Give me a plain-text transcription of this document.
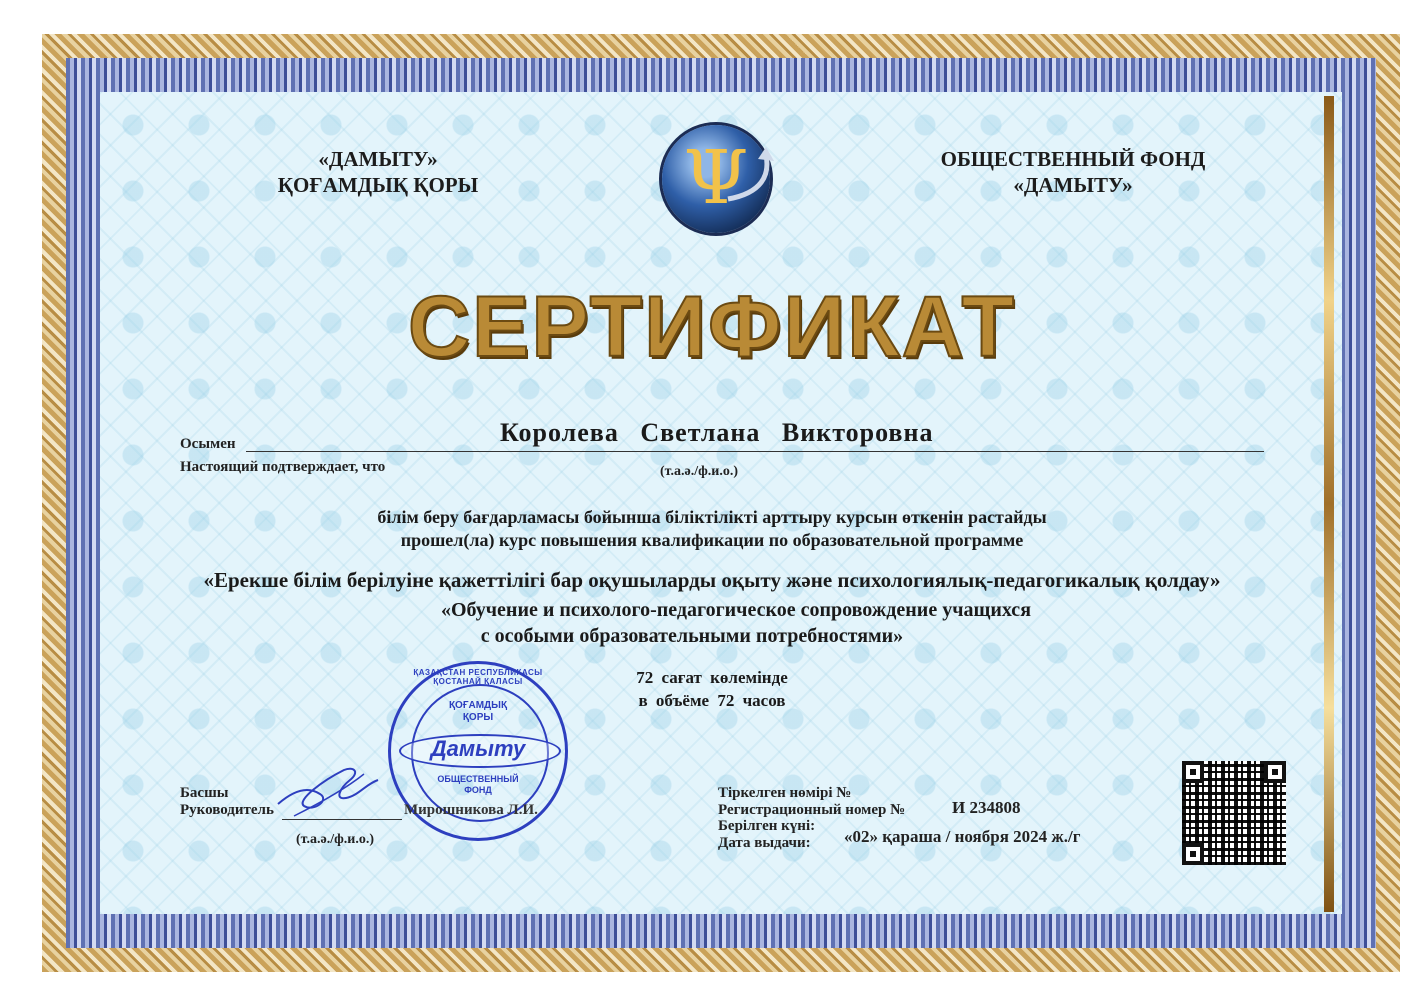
«ДАМЫТУ»
ҚОҒАМДЫҚ ҚОРЫ
ОБЩЕСТВЕННЫЙ ФОНД
«ДАМЫТУ»
Ψ
СЕРТИФИКАТ
Осымен	Королева Светлана Викторовна
Настоящий подтверждает, что	(т.а.ә./ф.и.о.)
білім беру бағдарламасы бойынша біліктілікті арттыру курсын өткенін растайды
прошел(ла) курс повышения квалификации по образовательной программе
«Ерекше білім берілуіне қажеттілігі бар оқушыларды оқыту және психологиялық-педагогикалық қолдау»
«Обучение и психолого-педагогическое сопровождение учащихся
с особыми образовательными потребностями»
72 сағат көлемінде
в объёме 72 часов
ҚАЗАҚСТАН РЕСПУБЛИКАСЫ ҚОСТАНАЙ ҚАЛАСЫ
ҚОҒАМДЫҚ
ҚОРЫ
Дамыту
ОБЩЕСТВЕННЫЙ
ФОНД
Басшы
Руководитель	Мирошникова Л.И.
(т.а.ә./ф.и.о.)
Тіркелген нөмірі №
Регистрационный номер №	И 234808
Берілген күні:
Дата выдачи: «02» қараша / ноября 2024 ж./г
